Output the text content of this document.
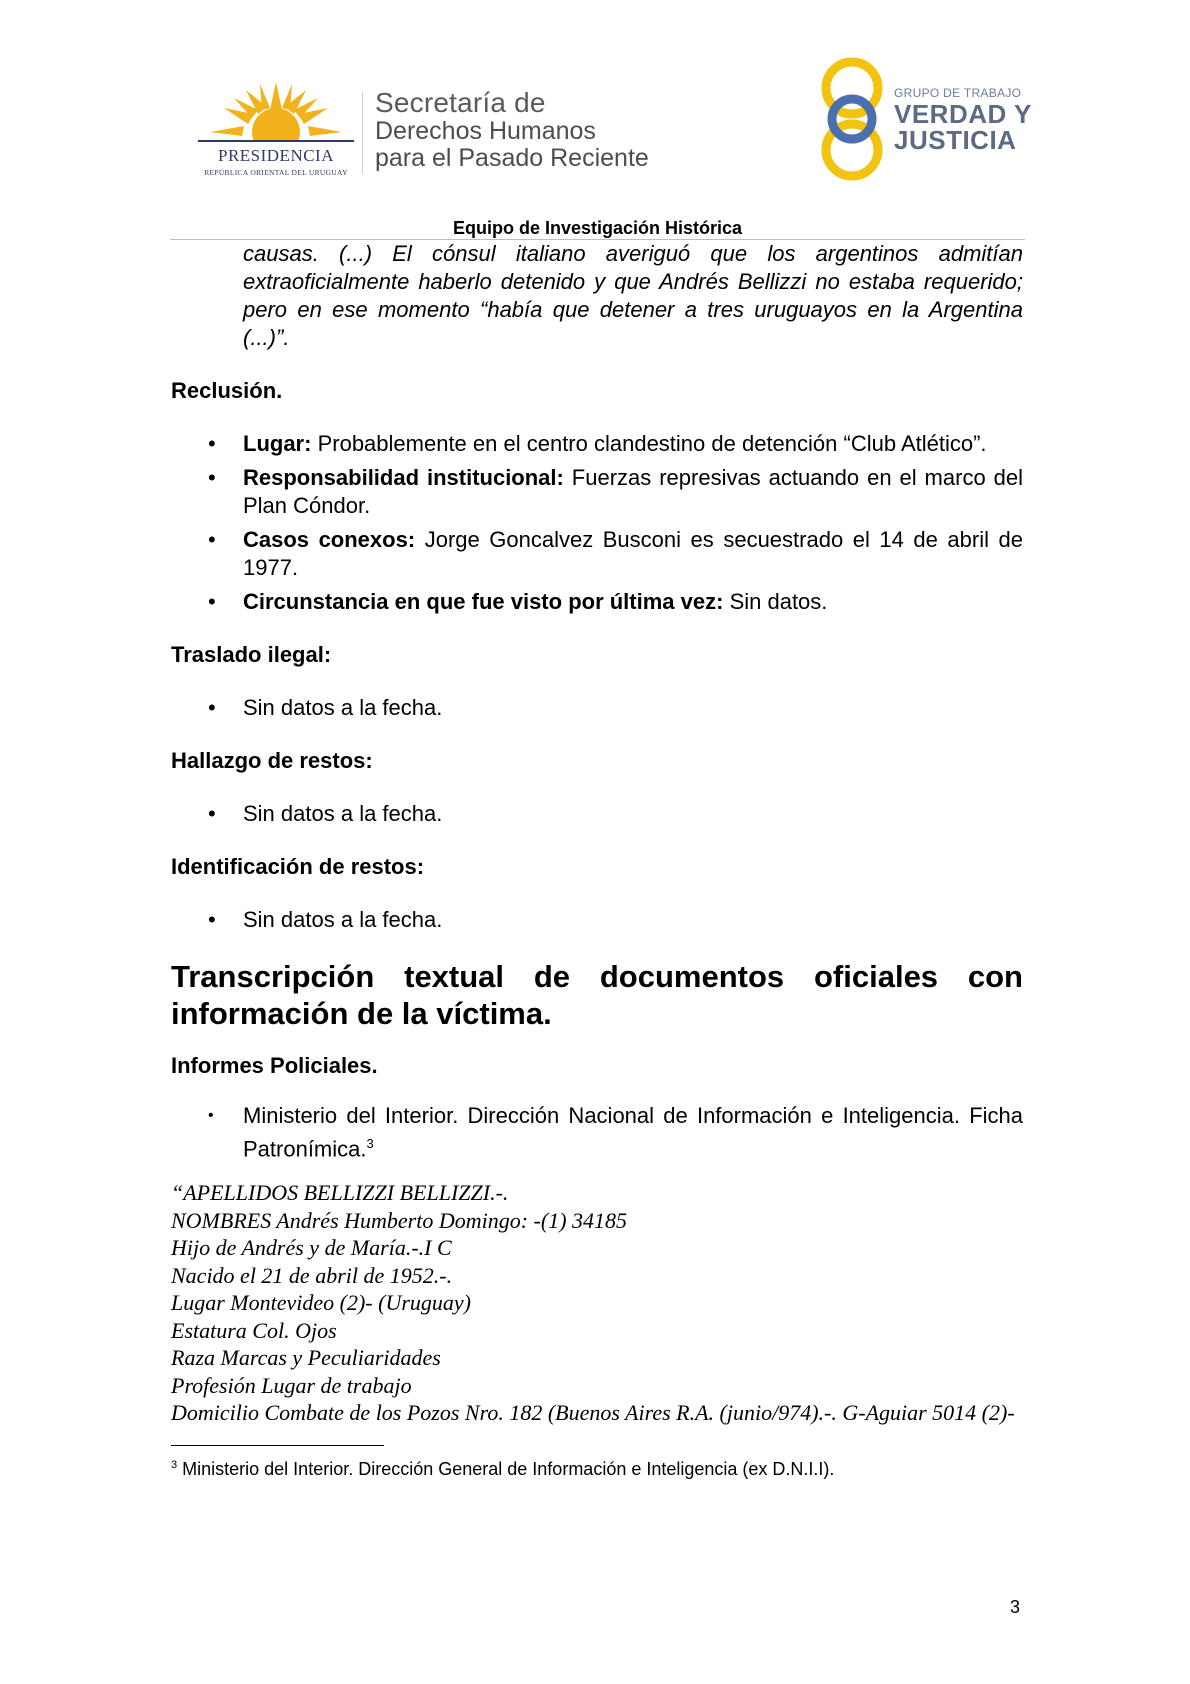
PRESIDENCIA
REPÚBLICA ORIENTAL DEL URUGUAY
Secretaría de
Derechos Humanos
para el Pasado Reciente
GRUPO DE TRABAJO
VERDAD Y
JUSTICIA
Equipo de Investigación Histórica
causas. (...) El cónsul italiano averiguó que los argentinos admitían extraoficialmente haberlo detenido y que Andrés Bellizzi no estaba requerido; pero en ese momento “había que detener a tres uruguayos en la Argentina (...)”.

Reclusión.

• Lugar: Probablemente en el centro clandestino de detención “Club Atlético”.
• Responsabilidad institucional: Fuerzas represivas actuando en el marco del Plan Cóndor.
• Casos conexos: Jorge Goncalvez Busconi es secuestrado el 14 de abril de 1977.
• Circunstancia en que fue visto por última vez: Sin datos.

Traslado ilegal:

• Sin datos a la fecha.

Hallazgo de restos:

• Sin datos a la fecha.

Identificación de restos:

• Sin datos a la fecha.

Transcripción textual de documentos oficiales con información de la víctima.

Informes Policiales.

• Ministerio del Interior. Dirección Nacional de Información e Inteligencia. Ficha Patronímica.$^3$
“APELLIDOS BELLIZZI BELLIZZI.-.
NOMBRES Andrés Humberto Domingo: -(1) 34185
Hijo de Andrés y de María.-.I C
Nacido el 21 de abril de 1952.-.
Lugar Montevideo (2)- (Uruguay)
Estatura Col. Ojos
Raza Marcas y Peculiaridades
Profesión Lugar de trabajo
Domicilio Combate de los Pozos Nro. 182 (Buenos Aires R.A. (junio/974).-. G-Aguiar 5014 (2)-
$^3$ Ministerio del Interior. Dirección General de Información e Inteligencia (ex D.N.I.I).
3
